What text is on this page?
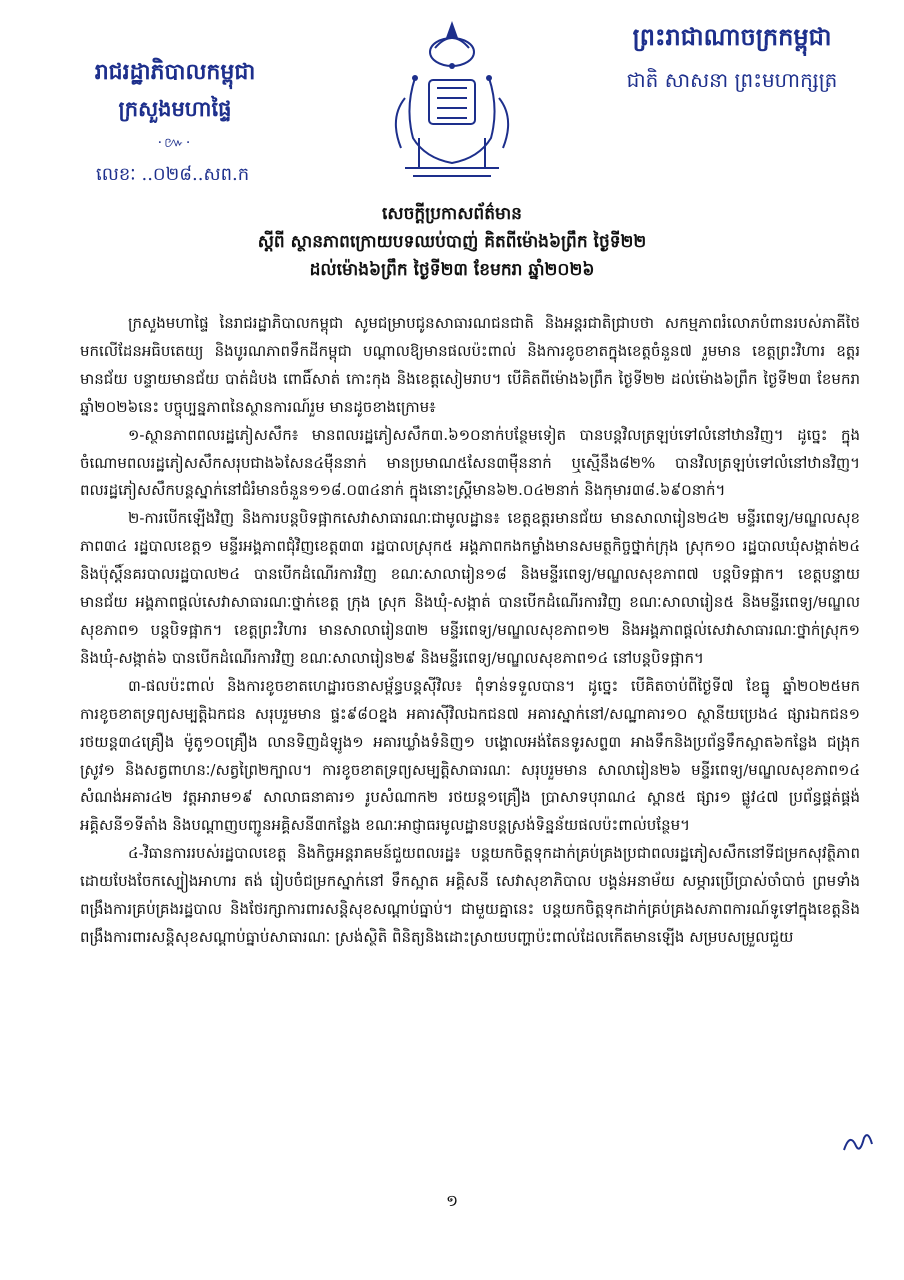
រាជរដ្ឋាភិបាលកម្ពុជា
ក្រសួងមហាផ្ទៃ
·៚·
លេខៈ ..០២៨..សព.ក
ព្រះរាជាណាចក្រកម្ពុជា
ជាតិ សាសនា ព្រះមហាក្សត្រ
សេចក្តីប្រកាសព័ត៌មាន
ស្តីពី ស្ថានភាពក្រោយបទឈប់បាញ់ គិតពីម៉ោង៦ព្រឹក ថ្ងៃទី២២
ដល់ម៉ោង៦ព្រឹក ថ្ងៃទី២៣ ខែមករា ឆ្នាំ២០២៦

ក្រសួងមហាផ្ទៃ នៃរាជរដ្ឋាភិបាលកម្ពុជា សូមជម្រាបជូនសាធារណជនជាតិ និងអន្តរជាតិជ្រាបថា សកម្មភាពរំលោភបំពានរបស់ភាគីថៃ មកលើដែនអធិបតេយ្យ និងបូរណភាពទឹកដីកម្ពុជា បណ្តាលឱ្យមានផលប៉ះពាល់ និងការខូចខាតក្នុងខេត្តចំនួន៧ រួមមាន ខេត្តព្រះវិហារ ឧត្តរមានជ័យ បន្ទាយមានជ័យ បាត់ដំបង ពោធិ៍សាត់ កោះកុង និងខេត្តសៀមរាប។ បើគិតពីម៉ោង៦ព្រឹក ថ្ងៃទី២២ ដល់ម៉ោង៦ព្រឹក ថ្ងៃទី២៣ ខែមករា ឆ្នាំ២០២៦នេះ បច្ចុប្បន្នភាពនៃស្ថានការណ៍រួម មានដូចខាងក្រោម៖

១-ស្ថានភាពពលរដ្ឋភៀសសឹក៖ មានពលរដ្ឋភៀសសឹក៣.៦១០នាក់បន្ថែមទៀត បានបន្តវិលត្រឡប់ទៅលំនៅឋានវិញ។ ដូច្នេះ ក្នុងចំណោមពលរដ្ឋភៀសសឹកសរុបជាង៦សែន៤ម៉ឺននាក់ មានប្រមាណ៥សែន៣ម៉ឺននាក់ ឬស្មើនឹង៨២% បានវិលត្រឡប់ទៅលំនៅឋានវិញ។ ពលរដ្ឋភៀសសឹកបន្តស្នាក់នៅជំរំមានចំនួន១១៨.០៣៤នាក់ ក្នុងនោះស្ត្រីមាន៦២.០៤២នាក់ និងកុមារ៣៨.៦៩០នាក់។

២-ការបើកឡើងវិញ និងការបន្តបិទផ្អាកសេវាសាធារណៈជាមូលដ្ឋាន៖ ខេត្តឧត្តរមានជ័យ មានសាលារៀន២៤២ មន្ទីរពេទ្យ/មណ្ឌលសុខភាព៣៤ រដ្ឋបាលខេត្ត១ មន្ទីរអង្គភាពជុំវិញខេត្ត៣៣ រដ្ឋបាលស្រុក៥ អង្គភាពកងកម្លាំងមានសមត្ថកិច្ចថ្នាក់ក្រុង ស្រុក១០ រដ្ឋបាលឃុំសង្កាត់២៤ និងប៉ុស្តិ៍នគរបាលរដ្ឋបាល២៤ បានបើកដំណើរការវិញ ខណៈសាលារៀន១៨ និងមន្ទីរពេទ្យ/មណ្ឌលសុខភាព៧ បន្តបិទផ្អាក។ ខេត្តបន្ទាយមានជ័យ អង្គភាពផ្តល់សេវាសាធារណៈថ្នាក់ខេត្ត ក្រុង ស្រុក និងឃុំ-សង្កាត់ បានបើកដំណើរការវិញ ខណៈសាលារៀន៥ និងមន្ទីរពេទ្យ/មណ្ឌលសុខភាព១ បន្តបិទផ្អាក។ ខេត្តព្រះវិហារ មានសាលារៀន៣២ មន្ទីរពេទ្យ/មណ្ឌលសុខភាព១២ និងអង្គភាពផ្តល់សេវាសាធារណៈថ្នាក់ស្រុក១ និងឃុំ-សង្កាត់៦ បានបើកដំណើរការវិញ ខណៈសាលារៀន២៩ និងមន្ទីរពេទ្យ/មណ្ឌលសុខភាព១៤ នៅបន្តបិទផ្អាក។

៣-ផលប៉ះពាល់ និងការខូចខាតហេដ្ឋារចនាសម្ព័ន្ធបន្តស៊ីវិល៖ ពុំទាន់ទទួលបាន។ ដូច្នេះ បើគិតចាប់ពីថ្ងៃទី៧ ខែធ្នូ ឆ្នាំ២០២៥មក ការខូចខាតទ្រព្យសម្បត្តិឯកជន សរុបរួមមាន ផ្ទះ៩៨០ខ្នង អគារស៊ីវិលឯកជន៧ អគារស្នាក់នៅ/សណ្ឋាគារ១០ ស្ថានីយប្រេង៤ ផ្សារឯកជន១ រថយន្ត៣៤គ្រឿង ម៉ូតូ១០គ្រឿង លានទិញដំឡូង១ អគារឃ្លាំងទំនិញ១ បង្គោលអង់តែនទូរសព្ទ៣ អាងទឹកនិងប្រព័ន្ធទឹកស្អាត៦កន្លែង ជង្រុកស្រូវ១ និងសត្វពាហនៈ/សត្វព្រៃ២ក្បាល។ ការខូចខាតទ្រព្យសម្បត្តិសាធារណៈ សរុបរួមមាន សាលារៀន២៦ មន្ទីរពេទ្យ/មណ្ឌលសុខភាព១៤ សំណង់អគារ៤២ វត្តអារាម១៩ សាលាធនាគារ១ រូបសំណាក២ រថយន្ត១គ្រឿង ប្រាសាទបុរាណ៤ ស្ពាន៥ ផ្សារ១ ផ្លូវ៤៧ ប្រព័ន្ធផ្គត់ផ្គង់អគ្គិសនី១ទីតាំង និងបណ្តាញបញ្ជូនអគ្គិសនី៣កន្លែង ខណៈអាជ្ញាធរមូលដ្ឋានបន្តស្រង់ទិន្នន័យផលប៉ះពាល់បន្ថែម។

៤-វិធានការរបស់រដ្ឋបាលខេត្ត និងកិច្ចអន្តរាគមន៍ជួយពលរដ្ឋ៖ បន្តយកចិត្តទុកដាក់គ្រប់គ្រងប្រជាពលរដ្ឋភៀសសឹកនៅទីជម្រកសុវត្ថិភាព ដោយបែងចែកស្បៀងអាហារ តង់ រៀបចំជម្រកស្នាក់នៅ ទឹកស្អាត អគ្គិសនី សេវាសុខាភិបាល បង្គន់អនាម័យ សម្ភារប្រើប្រាស់ចាំបាច់ ព្រមទាំងពង្រឹងការគ្រប់គ្រងរដ្ឋបាល និងថែរក្សាការពារសន្តិសុខសណ្តាប់ធ្នាប់។ ជាមួយគ្នានេះ បន្តយកចិត្តទុកដាក់គ្រប់គ្រងសភាពការណ៍ទូទៅក្នុងខេត្តនិងពង្រឹងការពារសន្តិសុខសណ្តាប់ធ្នាប់សាធារណៈ ស្រង់ស្ថិតិ ពិនិត្យនិងដោះស្រាយបញ្ហាប៉ះពាល់ដែលកើតមានឡើង សម្របសម្រួលជួយ

១
